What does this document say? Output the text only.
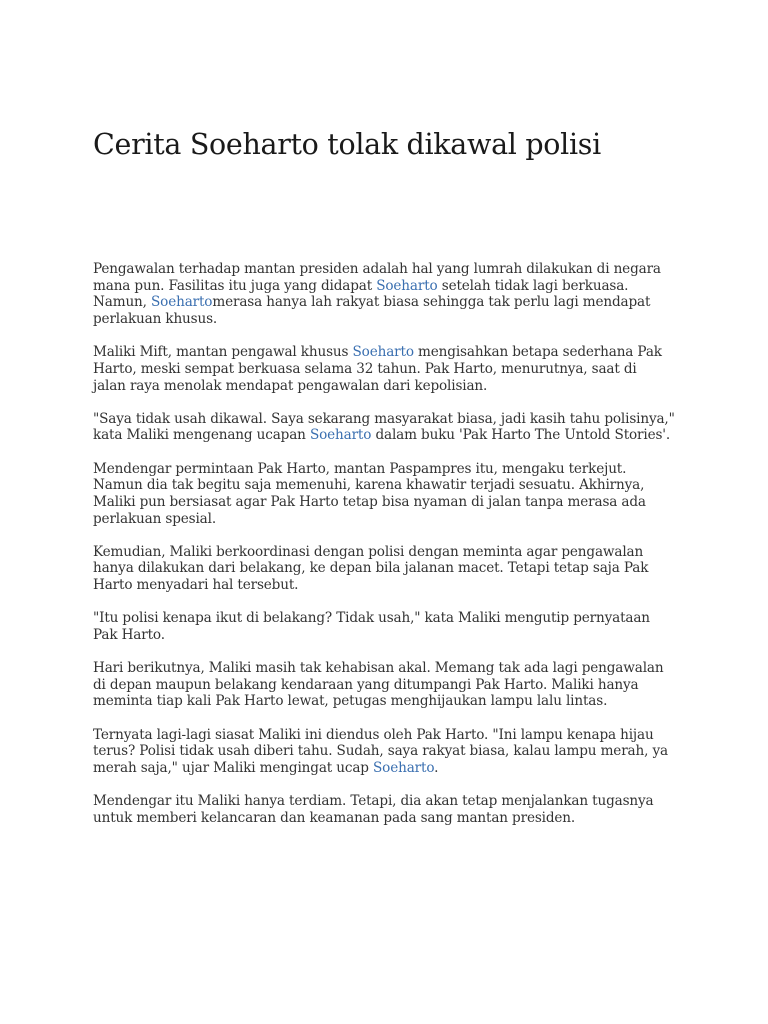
Cerita Soeharto tolak dikawal polisi

Pengawalan terhadap mantan presiden adalah hal yang lumrah dilakukan di negara
mana pun. Fasilitas itu juga yang didapat Soeharto setelah tidak lagi berkuasa.
Namun, Soehartomerasa hanya lah rakyat biasa sehingga tak perlu lagi mendapat
perlakuan khusus.

Maliki Mift, mantan pengawal khusus Soeharto mengisahkan betapa sederhana Pak
Harto, meski sempat berkuasa selama 32 tahun. Pak Harto, menurutnya, saat di
jalan raya menolak mendapat pengawalan dari kepolisian.

"Saya tidak usah dikawal. Saya sekarang masyarakat biasa, jadi kasih tahu polisinya,"
kata Maliki mengenang ucapan Soeharto dalam buku 'Pak Harto The Untold Stories'.

Mendengar permintaan Pak Harto, mantan Paspampres itu, mengaku terkejut.
Namun dia tak begitu saja memenuhi, karena khawatir terjadi sesuatu. Akhirnya,
Maliki pun bersiasat agar Pak Harto tetap bisa nyaman di jalan tanpa merasa ada
perlakuan spesial.

Kemudian, Maliki berkoordinasi dengan polisi dengan meminta agar pengawalan
hanya dilakukan dari belakang, ke depan bila jalanan macet. Tetapi tetap saja Pak
Harto menyadari hal tersebut.

"Itu polisi kenapa ikut di belakang? Tidak usah," kata Maliki mengutip pernyataan
Pak Harto.

Hari berikutnya, Maliki masih tak kehabisan akal. Memang tak ada lagi pengawalan
di depan maupun belakang kendaraan yang ditumpangi Pak Harto. Maliki hanya
meminta tiap kali Pak Harto lewat, petugas menghijaukan lampu lalu lintas.

Ternyata lagi-lagi siasat Maliki ini diendus oleh Pak Harto. "Ini lampu kenapa hijau
terus? Polisi tidak usah diberi tahu. Sudah, saya rakyat biasa, kalau lampu merah, ya
merah saja," ujar Maliki mengingat ucap Soeharto.

Mendengar itu Maliki hanya terdiam. Tetapi, dia akan tetap menjalankan tugasnya
untuk memberi kelancaran dan keamanan pada sang mantan presiden.
